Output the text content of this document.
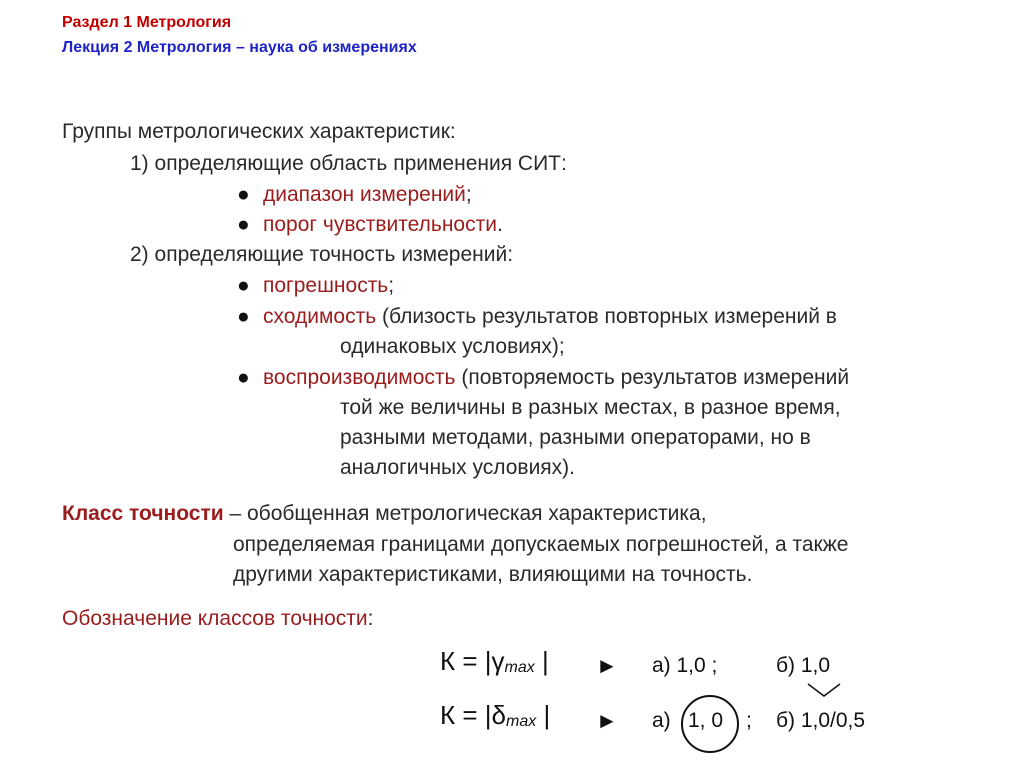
Раздел 1 Метрология
Лекция 2 Метрология – наука об измерениях
Группы метрологических характеристик:
1) определяющие область применения СИТ:
● диапазон измерений;
● порог чувствительности.
2) определяющие точность измерений:
● погрешность;
● сходимость (близость результатов повторных измерений в
одинаковых условиях);
● воспроизводимость (повторяемость результатов измерений
той же величины в разных местах, в разное время,
разными методами, разными операторами, но в
аналогичных условиях).
Класс точности – обобщенная метрологическая характеристика,
определяемая границами допускаемых погрешностей, а также
другими характеристиками, влияющими на точность.
Обозначение классов точности:
$К = |\gamma_{max}$ | ► а) 1,0 ;	б) 1,0
$К = |\delta_{max}$ | ► а) 1, 0 ; б) 1,0/0,5
